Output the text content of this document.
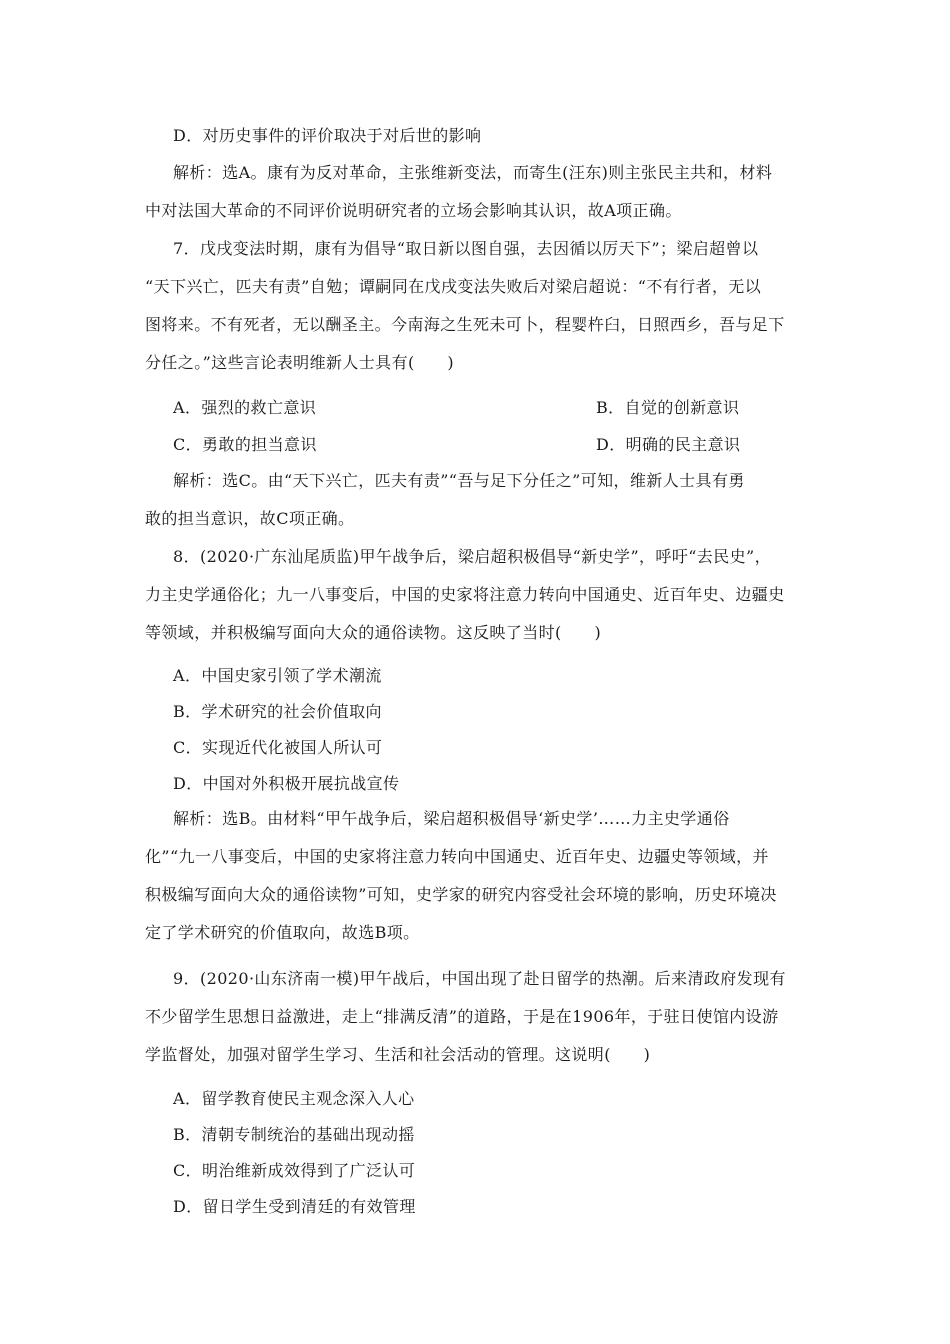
D．对历史事件的评价取决于对后世的影响
解析：选A。康有为反对革命，主张维新变法，而寄生(汪东)则主张民主共和，材料
中对法国大革命的不同评价说明研究者的立场会影响其认识，故A项正确。
7．戊戌变法时期，康有为倡导“取日新以图自强，去因循以厉天下”；梁启超曾以
“天下兴亡，匹夫有责”自勉；谭嗣同在戊戌变法失败后对梁启超说：“不有行者，无以
图将来。不有死者，无以酬圣主。今南海之生死未可卜，程婴杵臼，日照西乡，吾与足下
分任之。”这些言论表明维新人士具有(　　)
A．强烈的救亡意识	B．自觉的创新意识
C．勇敢的担当意识	D．明确的民主意识
解析：选C。由“天下兴亡，匹夫有责”“吾与足下分任之”可知，维新人士具有勇
敢的担当意识，故C项正确。
8．(2020·广东汕尾质监)甲午战争后，梁启超积极倡导“新史学”，呼吁“去民史”，
力主史学通俗化；九一八事变后，中国的史家将注意力转向中国通史、近百年史、边疆史
等领域，并积极编写面向大众的通俗读物。这反映了当时(　　)
A．中国史家引领了学术潮流
B．学术研究的社会价值取向
C．实现近代化被国人所认可
D．中国对外积极开展抗战宣传
解析：选B。由材料“甲午战争后，梁启超积极倡导‘新史学’……力主史学通俗
化”“九一八事变后，中国的史家将注意力转向中国通史、近百年史、边疆史等领域，并
积极编写面向大众的通俗读物”可知，史学家的研究内容受社会环境的影响，历史环境决
定了学术研究的价值取向，故选B项。
9．(2020·山东济南一模)甲午战后，中国出现了赴日留学的热潮。后来清政府发现有
不少留学生思想日益激进，走上“排满反清”的道路，于是在1906年，于驻日使馆内设游
学监督处，加强对留学生学习、生活和社会活动的管理。这说明(　　)
A．留学教育使民主观念深入人心
B．清朝专制统治的基础出现动摇
C．明治维新成效得到了广泛认可
D．留日学生受到清廷的有效管理
